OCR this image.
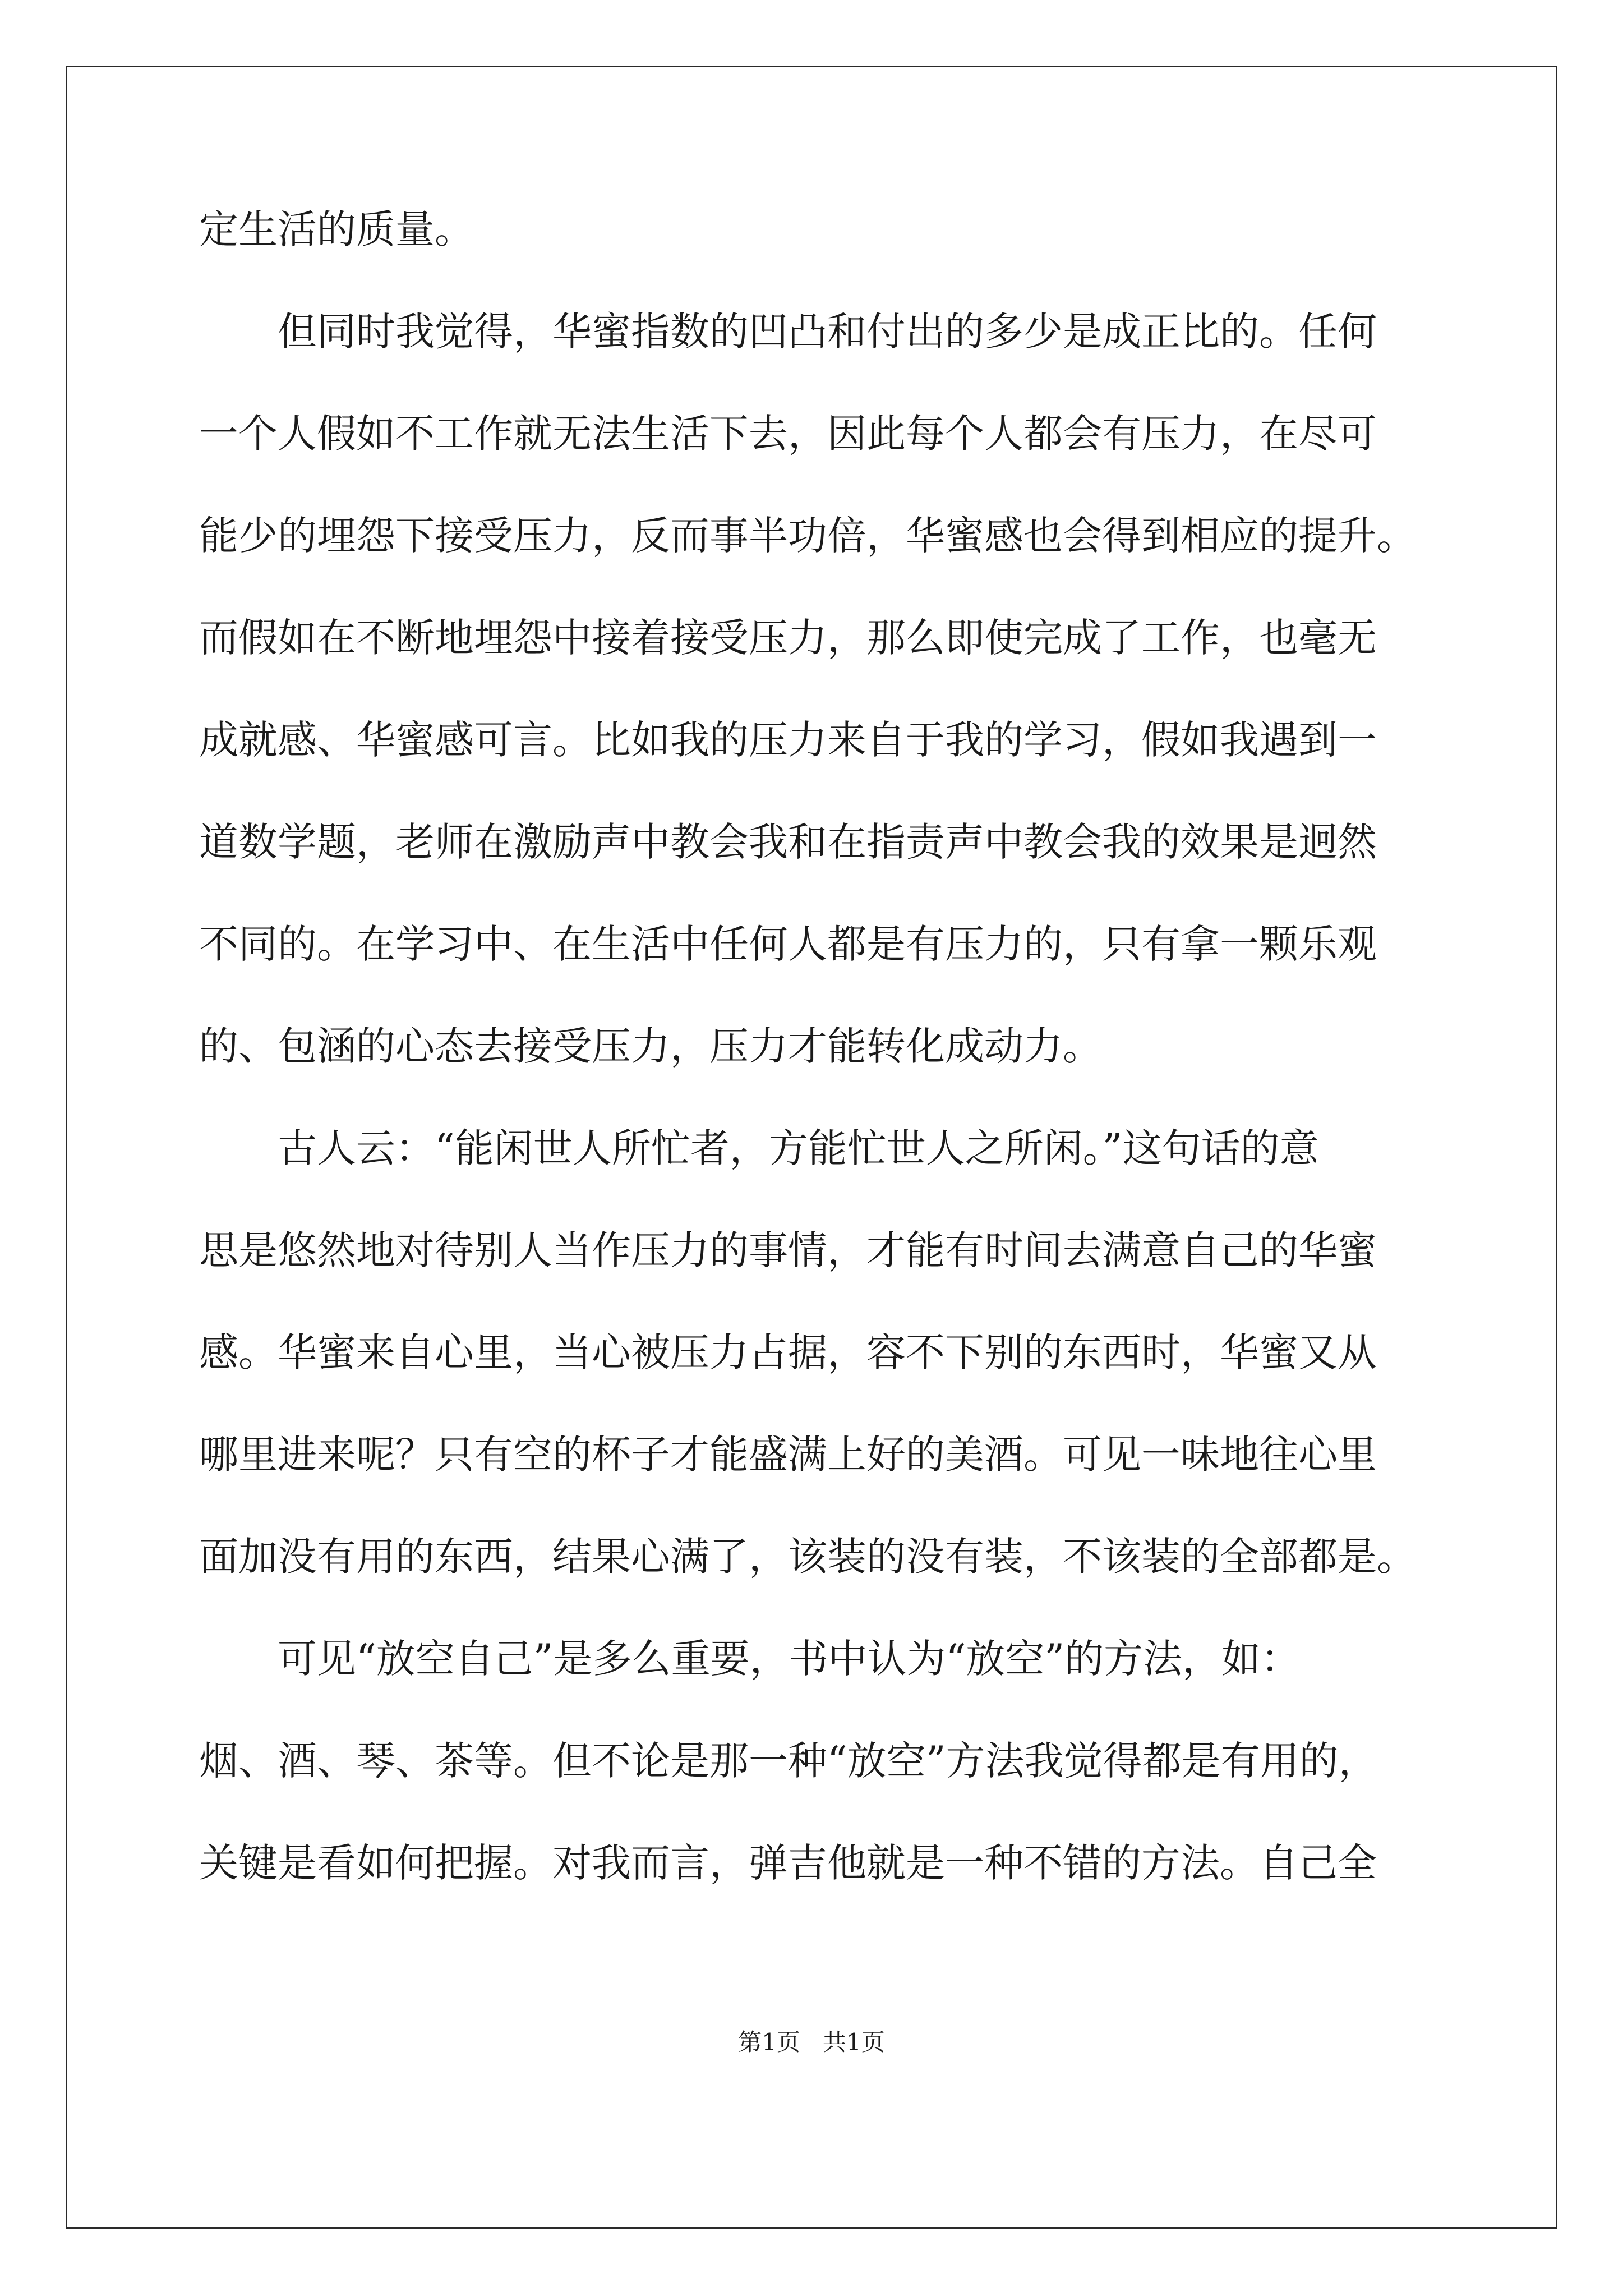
定生活的质量。
但同时我觉得，华蜜指数的凹凸和付出的多少是成正比的。任何
一个人假如不工作就无法生活下去，因此每个人都会有压力，在尽可
能少的埋怨下接受压力，反而事半功倍，华蜜感也会得到相应的提升。
而假如在不断地埋怨中接着接受压力，那么即使完成了工作，也毫无
成就感、华蜜感可言。比如我的压力来自于我的学习，假如我遇到一
道数学题，老师在激励声中教会我和在指责声中教会我的效果是迥然
不同的。在学习中、在生活中任何人都是有压力的，只有拿一颗乐观
的、包涵的心态去接受压力，压力才能转化成动力。
古人云：“能闲世人所忙者，方能忙世人之所闲。”这句话的意
思是悠然地对待别人当作压力的事情，才能有时间去满意自己的华蜜
感。华蜜来自心里，当心被压力占据，容不下别的东西时，华蜜又从
哪里进来呢？只有空的杯子才能盛满上好的美酒。可见一味地往心里
面加没有用的东西，结果心满了，该装的没有装，不该装的全部都是。
可见“放空自己”是多么重要，书中认为“放空”的方法，如：
烟、酒、琴、茶等。但不论是那一种“放空”方法我觉得都是有用的，
关键是看如何把握。对我而言，弹吉他就是一种不错的方法。自己全
第1页   共1页
